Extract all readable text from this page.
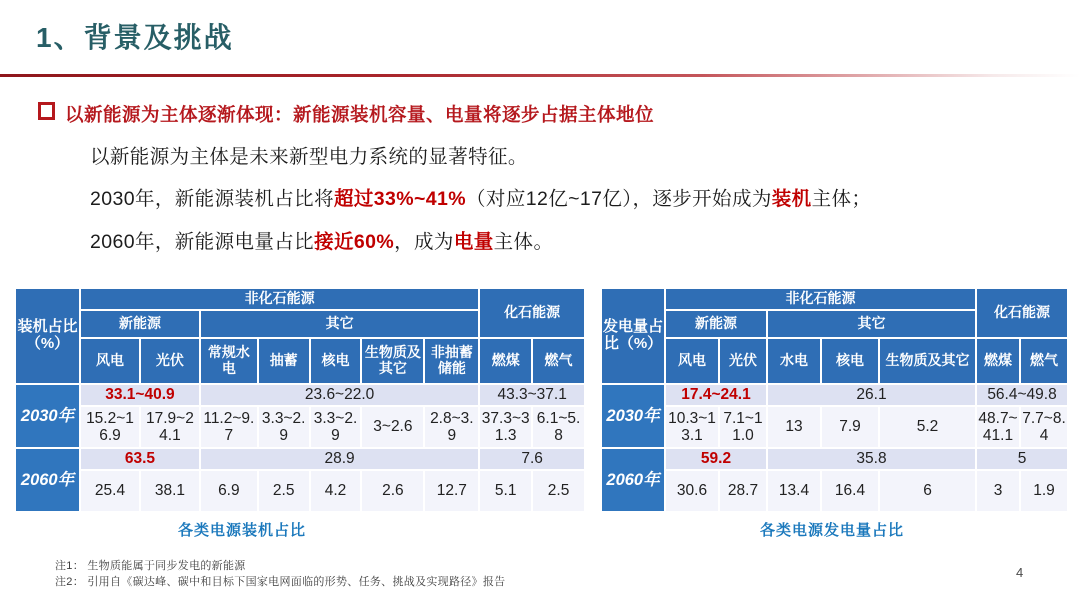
1、背景及挑战
以新能源为主体逐渐体现：新能源装机容量、电量将逐步占据主体地位
以新能源为主体是未来新型电力系统的显著特征。
2030年，新能源装机占比将超过33%~41%（对应12亿~17亿），逐步开始成为装机主体；
2060年，新能源电量占比接近60%，成为电量主体。
装机占比（%）	非化石能源							化石能源	
	新能源		其它						
	风电	光伏	常规水电	抽蓄	核电	生物质及其它	非抽蓄储能	燃煤	燃气
2030年	33.1~40.9		23.6~22.0					43.3~37.1	
	15.2~16.9	17.9~24.1	11.2~9.7	3.3~2.9	3.3~2.9	3~2.6	2.8~3.9	37.3~31.3	6.1~5.8
2060年	63.5		28.9					7.6	
	25.4	38.1	6.9	2.5	4.2	2.6	12.7	5.1	2.5
发电量占比（%）	非化石能源					化石能源	
	新能源		其它				
	风电	光伏	水电	核电	生物质及其它	燃煤	燃气
2030年	17.4~24.1		26.1			56.4~49.8	
	10.3~13.1	7.1~11.0	13	7.9	5.2	48.7~41.1	7.7~8.4
2060年	59.2		35.8			5	
	30.6	28.7	13.4	16.4	6	3	1.9
各类电源装机占比	各类电源发电量占比
注1： 生物质能属于同步发电的新能源
注2： 引用自《碳达峰、碳中和目标下国家电网面临的形势、任务、挑战及实现路径》报告
4
